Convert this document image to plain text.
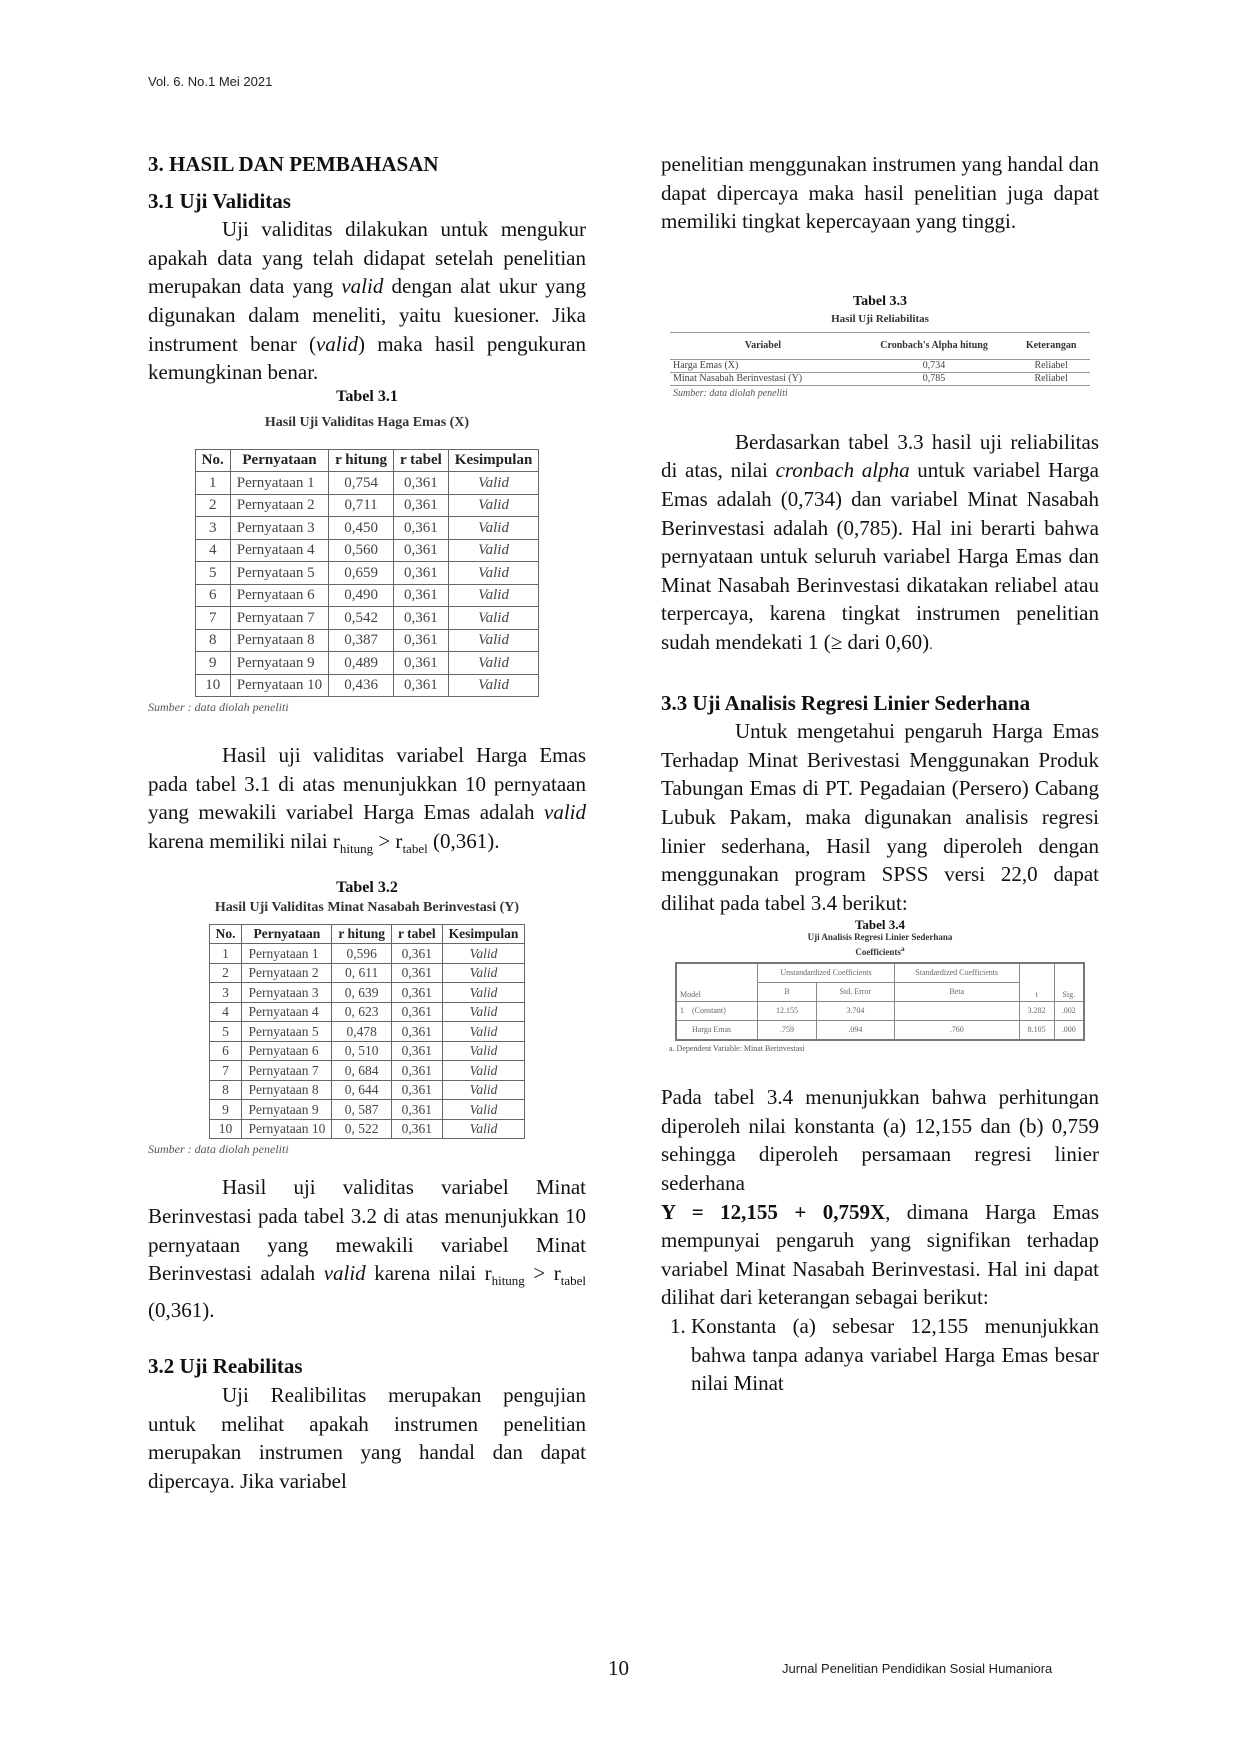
Vol. 6. No.1 Mei 2021
3. HASIL DAN PEMBAHASAN
3.1 Uji Validitas

Uji validitas dilakukan untuk mengukur apakah data yang telah didapat setelah penelitian merupakan data yang valid dengan alat ukur yang digunakan dalam meneliti, yaitu kuesioner. Jika instrument benar (valid) maka hasil pengukuran kemungkinan benar.

Tabel 3.1
Hasil Uji Validitas Haga Emas (X)
No.	Pernyataan	r hitung	r tabel	Kesimpulan
1	Pernyataan 1	0,754	0,361	Valid
2	Pernyataan 2	0,711	0,361	Valid
3	Pernyataan 3	0,450	0,361	Valid
4	Pernyataan 4	0,560	0,361	Valid
5	Pernyataan 5	0,659	0,361	Valid
6	Pernyataan 6	0,490	0,361	Valid
7	Pernyataan 7	0,542	0,361	Valid
8	Pernyataan 8	0,387	0,361	Valid
9	Pernyataan 9	0,489	0,361	Valid
10	Pernyataan 10	0,436	0,361	Valid
Sumber : data diolah peneliti

Hasil uji validitas variabel Harga Emas pada tabel 3.1 di atas menunjukkan 10 pernyataan yang mewakili variabel Harga Emas adalah valid karena memiliki nilai $r_{hitung} > r_{tabel}$ (0,361).

Tabel 3.2
Hasil Uji Validitas Minat Nasabah Berinvestasi (Y)
No.	Pernyataan	r hitung	r tabel	Kesimpulan
1	Pernyataan 1	0,596	0,361	Valid
2	Pernyataan 2	0, 611	0,361	Valid
3	Pernyataan 3	0, 639	0,361	Valid
4	Pernyataan 4	0, 623	0,361	Valid
5	Pernyataan 5	0,478	0,361	Valid
6	Pernyataan 6	0, 510	0,361	Valid
7	Pernyataan 7	0, 684	0,361	Valid
8	Pernyataan 8	0, 644	0,361	Valid
9	Pernyataan 9	0, 587	0,361	Valid
10	Pernyataan 10	0, 522	0,361	Valid
Sumber : data diolah peneliti

Hasil uji validitas variabel Minat Berinvestasi pada tabel 3.2 di atas menunjukkan 10 pernyataan yang mewakili variabel Minat Berinvestasi adalah valid karena nilai $r_{hitung} > r_{tabel}$ (0,361).

3.2 Uji Reabilitas

Uji Realibilitas merupakan pengujian untuk melihat apakah instrumen penelitian merupakan instrumen yang handal dan dapat dipercaya. Jika variabel

penelitian menggunakan instrumen yang handal dan dapat dipercaya maka hasil penelitian juga dapat memiliki tingkat kepercayaan yang tinggi.

Tabel 3.3
Hasil Uji Reliabilitas
Variabel	Cronbach's Alpha hitung	Keterangan
Harga Emas (X)	0,734	Reliabel
Minat Nasabah Berinvestasi (Y)	0,785	Reliabel
Sumber: data diolah peneliti

Berdasarkan tabel 3.3 hasil uji reliabilitas di atas, nilai cronbach alpha untuk variabel Harga Emas adalah (0,734) dan variabel Minat Nasabah Berinvestasi adalah (0,785). Hal ini berarti bahwa pernyataan untuk seluruh variabel Harga Emas dan Minat Nasabah Berinvestasi dikatakan reliabel atau terpercaya, karena tingkat instrumen penelitian sudah mendekati 1 (≥ dari 0,60).

3.3 Uji Analisis Regresi Linier Sederhana

Untuk mengetahui pengaruh Harga Emas Terhadap Minat Berivestasi Menggunakan Produk Tabungan Emas di PT. Pegadaian (Persero) Cabang Lubuk Pakam, maka digunakan analisis regresi linier sederhana, Hasil yang diperoleh dengan menggunakan program SPSS versi 22,0 dapat dilihat pada tabel 3.4 berikut:

Tabel 3.4
Uji Analisis Regresi Linier Sederhana
Coefficients$^a$
Model	Unstandardized Coefficients		Standardized Coefficients	t	Sig.
	B	Std. Error	Beta		
1 (Constant)	12.155	3.704		3.282	.002
Harga Emas	.759	.094	.760	8.105	.000
a. Dependent Variable: Minat Berinvestasi

Pada tabel 3.4 menunjukkan bahwa perhitungan diperoleh nilai konstanta (a) 12,155 dan (b) 0,759 sehingga diperoleh persamaan regresi linier sederhana

Y = 12,155 + 0,759X, dimana Harga Emas mempunyai pengaruh yang signifikan terhadap variabel Minat Nasabah Berinvestasi. Hal ini dapat dilihat dari keterangan sebagai berikut:

1. Konstanta (a) sebesar 12,155 menunjukkan bahwa tanpa adanya variabel Harga Emas besar nilai Minat
10	Jurnal Penelitian Pendidikan Sosial Humaniora
